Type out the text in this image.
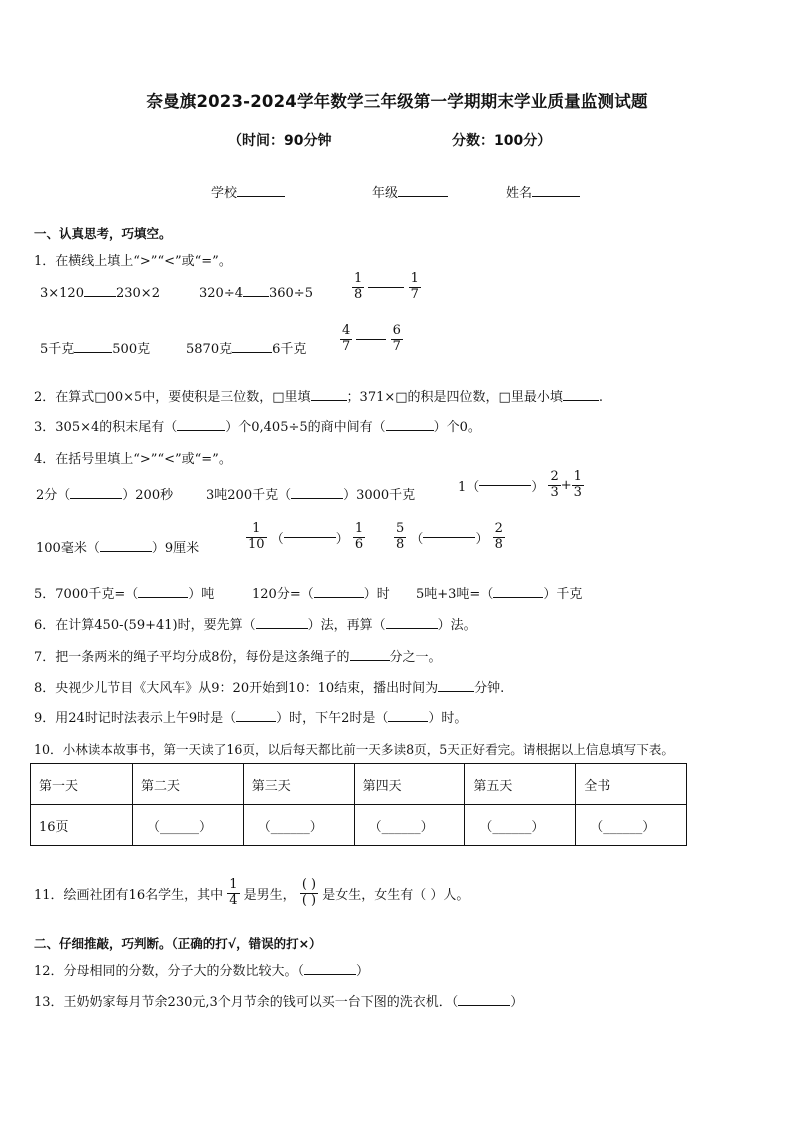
奈曼旗2023-2024学年数学三年级第一学期期末学业质量监测试题
（时间：90分钟	分数：100分）
学校	年级	姓名
一、认真思考，巧填空。
1．在横线上填上“>”“<”或“=”。
3×120 230×2	320÷4 360÷5	$\frac{1}{8}$
	$\frac{1}{7}$
5千克	500克	5870克	6千克	$\frac{4}{7}$
	$\frac{6}{7}$
2．在算式□00×5中，要使积是三位数，□里填	；371×□的积是四位数，□里最小填	.
3．305×4的积末尾有（	）个0,405÷5的商中间有（	）个0。
4．在括号里填上“>”“<”或“=”。
2分（	）200秒	3吨200千克（	）3000千克
1（	） $\frac{2}{3} + \frac{1}{3}$
100毫米（	）9厘米	$\frac{1}{10}$ （	） $\frac{1}{6} \frac{5}{8}$ （	） $\frac{2}{8}$
5．7000千克=（	）吨	120分=（	）时 5吨+3吨=（	）千克
6．在计算450-(59+41)时，要先算（	）法，再算（	）法。
7．把一条两米的绳子平均分成8份，每份是这条绳子的	分之一。
8．央视少儿节目《大风车》从9：20开始到10：10结束，播出时间为	分钟.
9．用24时记时法表示上午9时是（	）时，下午2时是（	）时。
10．小林读本故事书，第一天读了16页，以后每天都比前一天多读8页，5天正好看完。请根据以上信息填写下表。
第一天	第二天	第三天	第四天	第五天	全书
16页	（______）	（______）	（______）	（______）	（______）
11．绘画社团有16名学生，其中 $\frac{1}{4}$ 是男生， $\frac{( )}{( )}$ 是女生，女生有（ ）人。
二、仔细推敲，巧判断。（正确的打√，错误的打×）
12．分母相同的分数，分子大的分数比较大。（	）
13．王奶奶家每月节余230元,3个月节余的钱可以买一台下图的洗衣机．（	）
